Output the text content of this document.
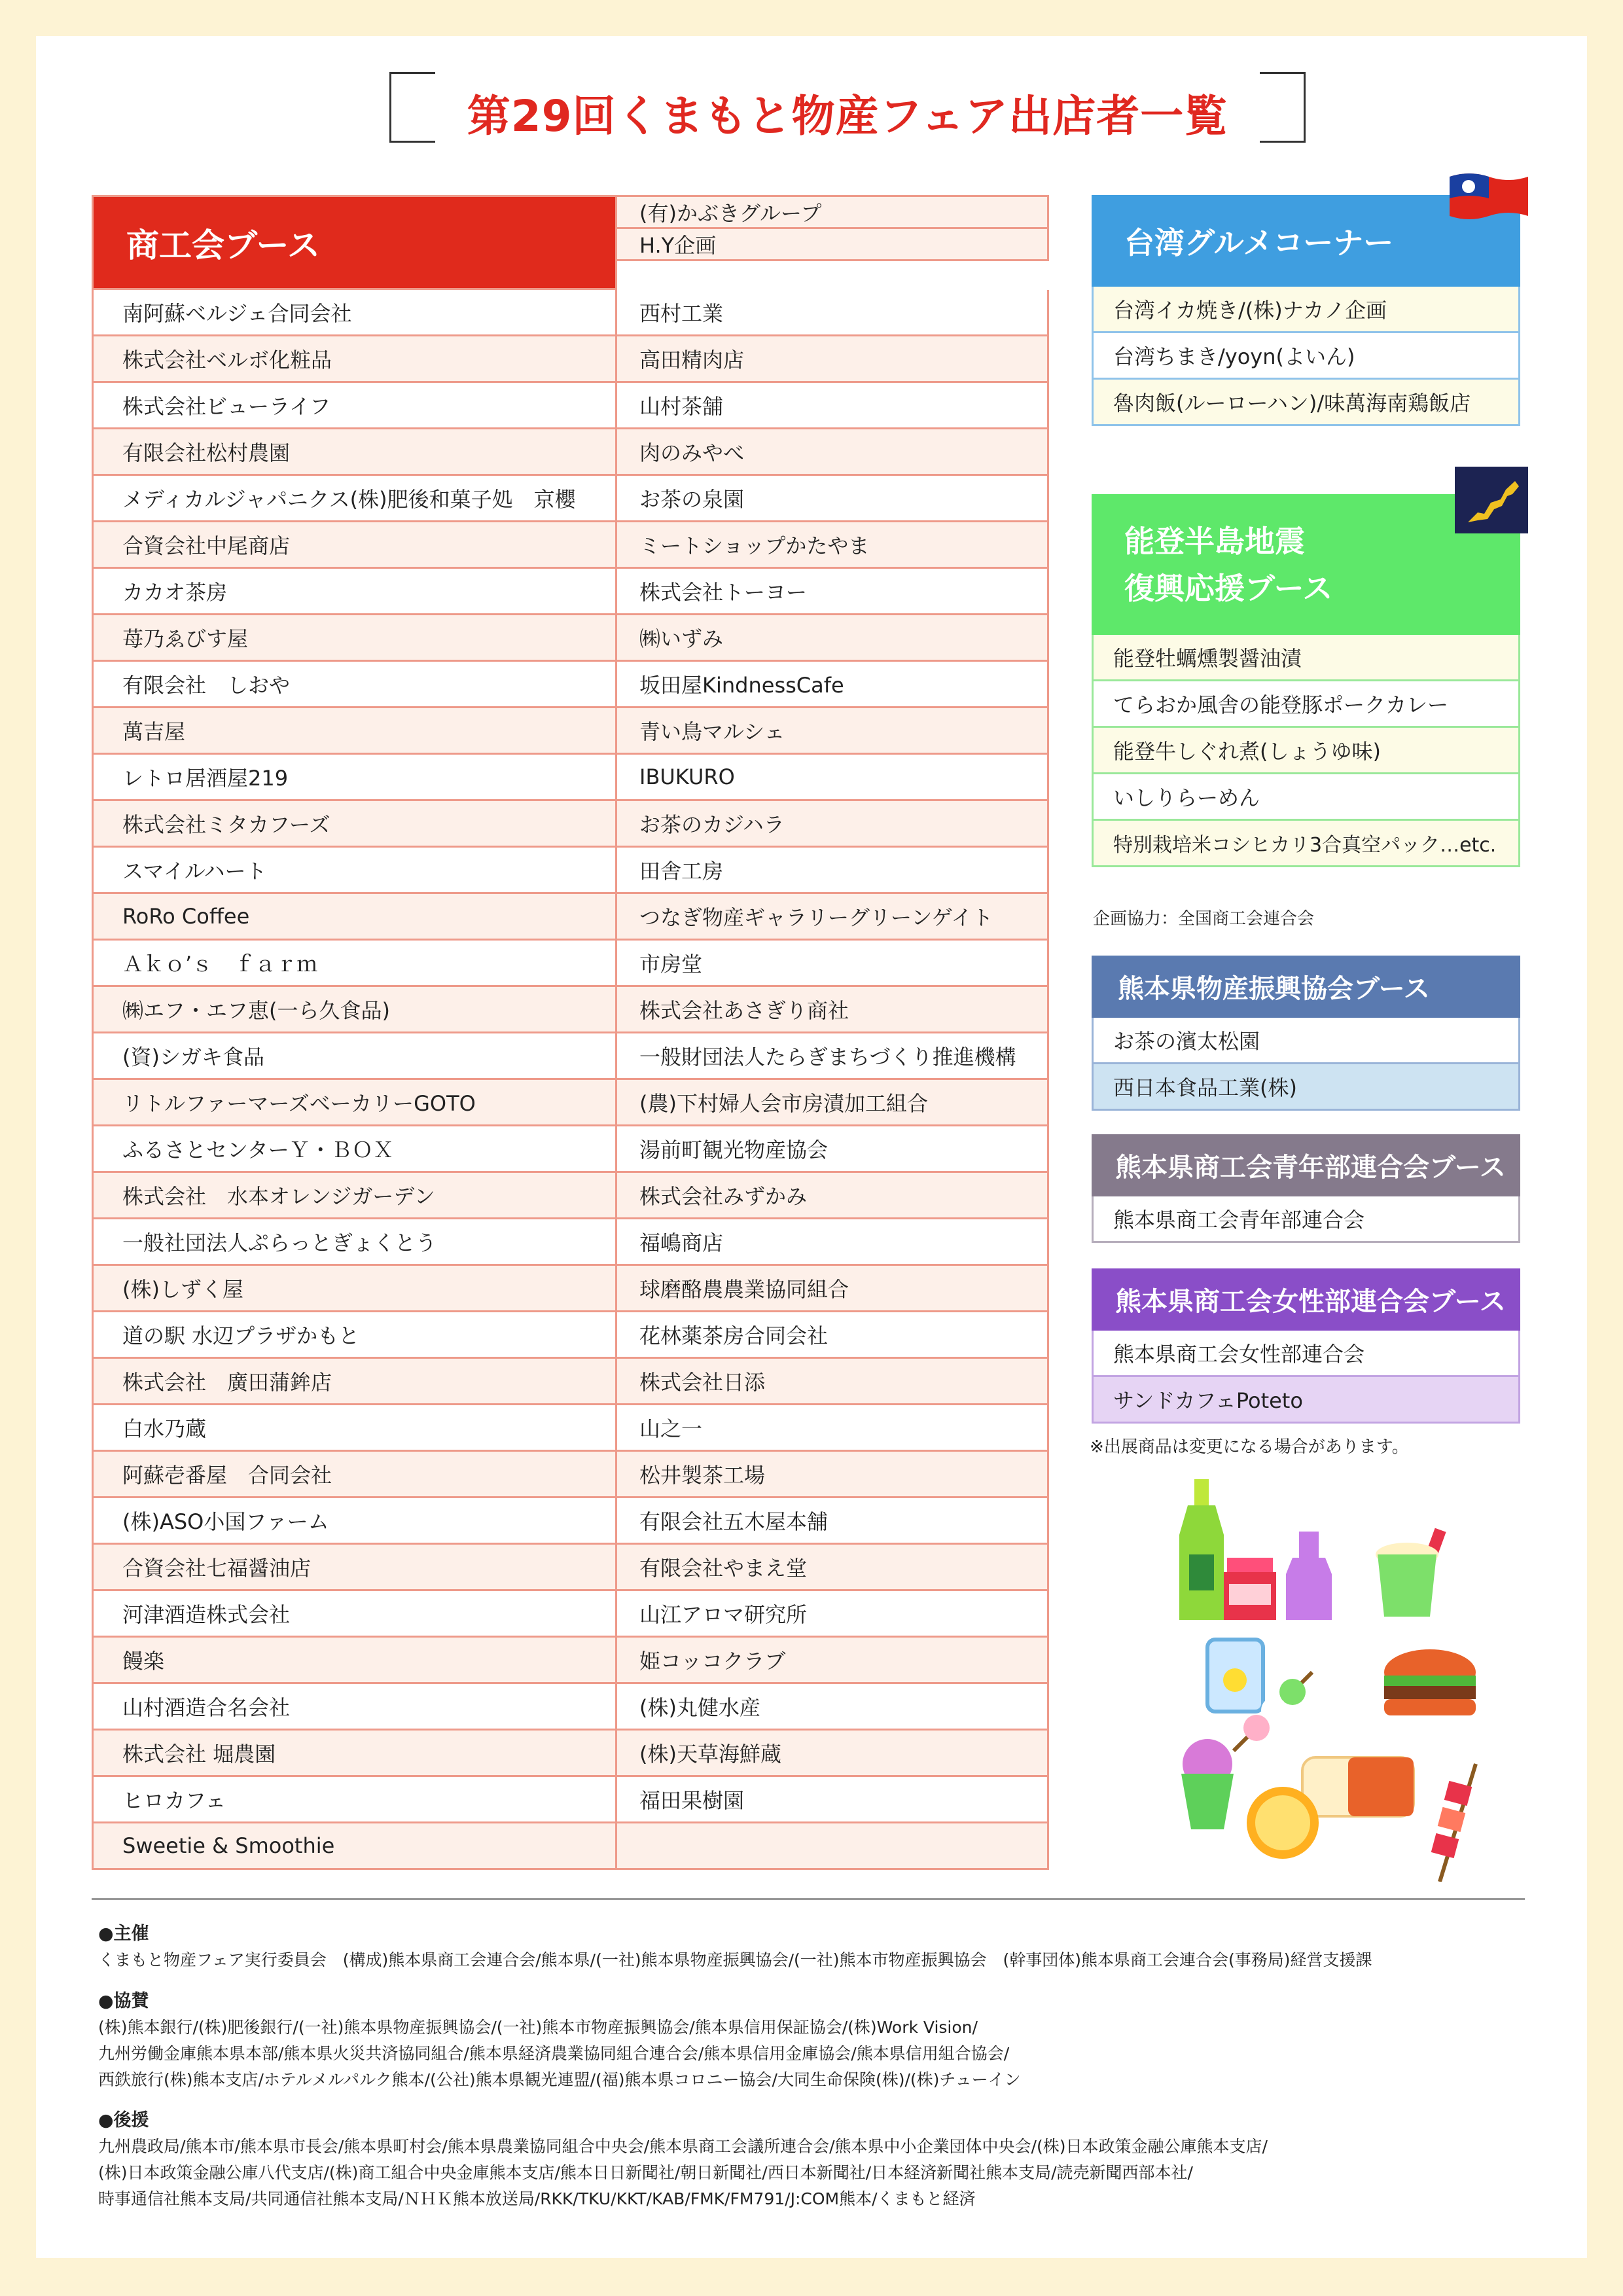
第29回くまもと物産フェア出店者一覧
商工会ブース
(有)かぶきグループ
H.Y企画
南阿蘇ベルジェ合同会社	西村工業
株式会社ベルボ化粧品	高田精肉店
株式会社ビューライフ	山村茶舗
有限会社松村農園	肉のみやべ
メディカルジャパニクス(株)肥後和菓子処　京櫻	お茶の泉園
合資会社中尾商店	ミートショップかたやま
カカオ茶房	株式会社トーヨー
苺乃ゑびす屋	㈱いずみ
有限会社　しおや	坂田屋KindnessCafe
萬吉屋	青い鳥マルシェ
レトロ居酒屋219	IBUKURO
株式会社ミタカフーズ	お茶のカジハラ
スマイルハート	田舎工房
RoRo Coffee	つなぎ物産ギャラリーグリーンゲイト
Ａｋｏ’ｓ　ｆａｒｍ	市房堂
㈱エフ・エフ恵(一ら久食品)	株式会社あさぎり商社
(資)シガキ食品	一般財団法人たらぎまちづくり推進機構
リトルファーマーズベーカリーGOTO	(農)下村婦人会市房漬加工組合
ふるさとセンターＹ・ＢＯＸ	湯前町観光物産協会
株式会社　水本オレンジガーデン	株式会社みずかみ
一般社団法人ぷらっとぎょくとう	福嶋商店
(株)しずく屋	球磨酪農農業協同組合
道の駅 水辺プラザかもと	花林薬茶房合同会社
株式会社　廣田蒲鉾店	株式会社日添
白水乃蔵	山之一
阿蘇壱番屋　合同会社	松井製茶工場
(株)ASO小国ファーム	有限会社五木屋本舗
合資会社七福醤油店	有限会社やまえ堂
河津酒造株式会社	山江アロマ研究所
饅楽	姫コッコクラブ
山村酒造合名会社	(株)丸健水産
株式会社 堀農園	(株)天草海鮮蔵
ヒロカフェ	福田果樹園
Sweetie & Smoothie
台湾グルメコーナー
台湾イカ焼き/(株)ナカノ企画
台湾ちまき/yoyn(よいん)
魯肉飯(ルーローハン)/味萬海南鶏飯店
能登半島地震
復興応援ブース
能登牡蠣燻製醤油漬
てらおか風舎の能登豚ポークカレー
能登牛しぐれ煮(しょうゆ味)
いしりらーめん
特別栽培米コシヒカリ3合真空パック…etc.
企画協力：全国商工会連合会
熊本県物産振興協会ブース
お茶の濱太松園
西日本食品工業(株)
熊本県商工会青年部連合会ブース
熊本県商工会青年部連合会
熊本県商工会女性部連合会ブース
熊本県商工会女性部連合会
サンドカフェPoteto
※出展商品は変更になる場合があります。
●主催
くまもと物産フェア実行委員会　(構成)熊本県商工会連合会/熊本県/(一社)熊本県物産振興協会/(一社)熊本市物産振興協会　(幹事団体)熊本県商工会連合会(事務局)経営支援課
●協賛
(株)熊本銀行/(株)肥後銀行/(一社)熊本県物産振興協会/(一社)熊本市物産振興協会/熊本県信用保証協会/(株)Work Vision/
九州労働金庫熊本県本部/熊本県火災共済協同組合/熊本県経済農業協同組合連合会/熊本県信用金庫協会/熊本県信用組合協会/
西鉄旅行(株)熊本支店/ホテルメルパルク熊本/(公社)熊本県観光連盟/(福)熊本県コロニー協会/大同生命保険(株)/(株)チューイン
●後援
九州農政局/熊本市/熊本県市長会/熊本県町村会/熊本県農業協同組合中央会/熊本県商工会議所連合会/熊本県中小企業団体中央会/(株)日本政策金融公庫熊本支店/
(株)日本政策金融公庫八代支店/(株)商工組合中央金庫熊本支店/熊本日日新聞社/朝日新聞社/西日本新聞社/日本経済新聞社熊本支局/読売新聞西部本社/
時事通信社熊本支局/共同通信社熊本支局/ＮＨＫ熊本放送局/RKK/TKU/KKT/KAB/FMK/FM791/J:COM熊本/くまもと経済
